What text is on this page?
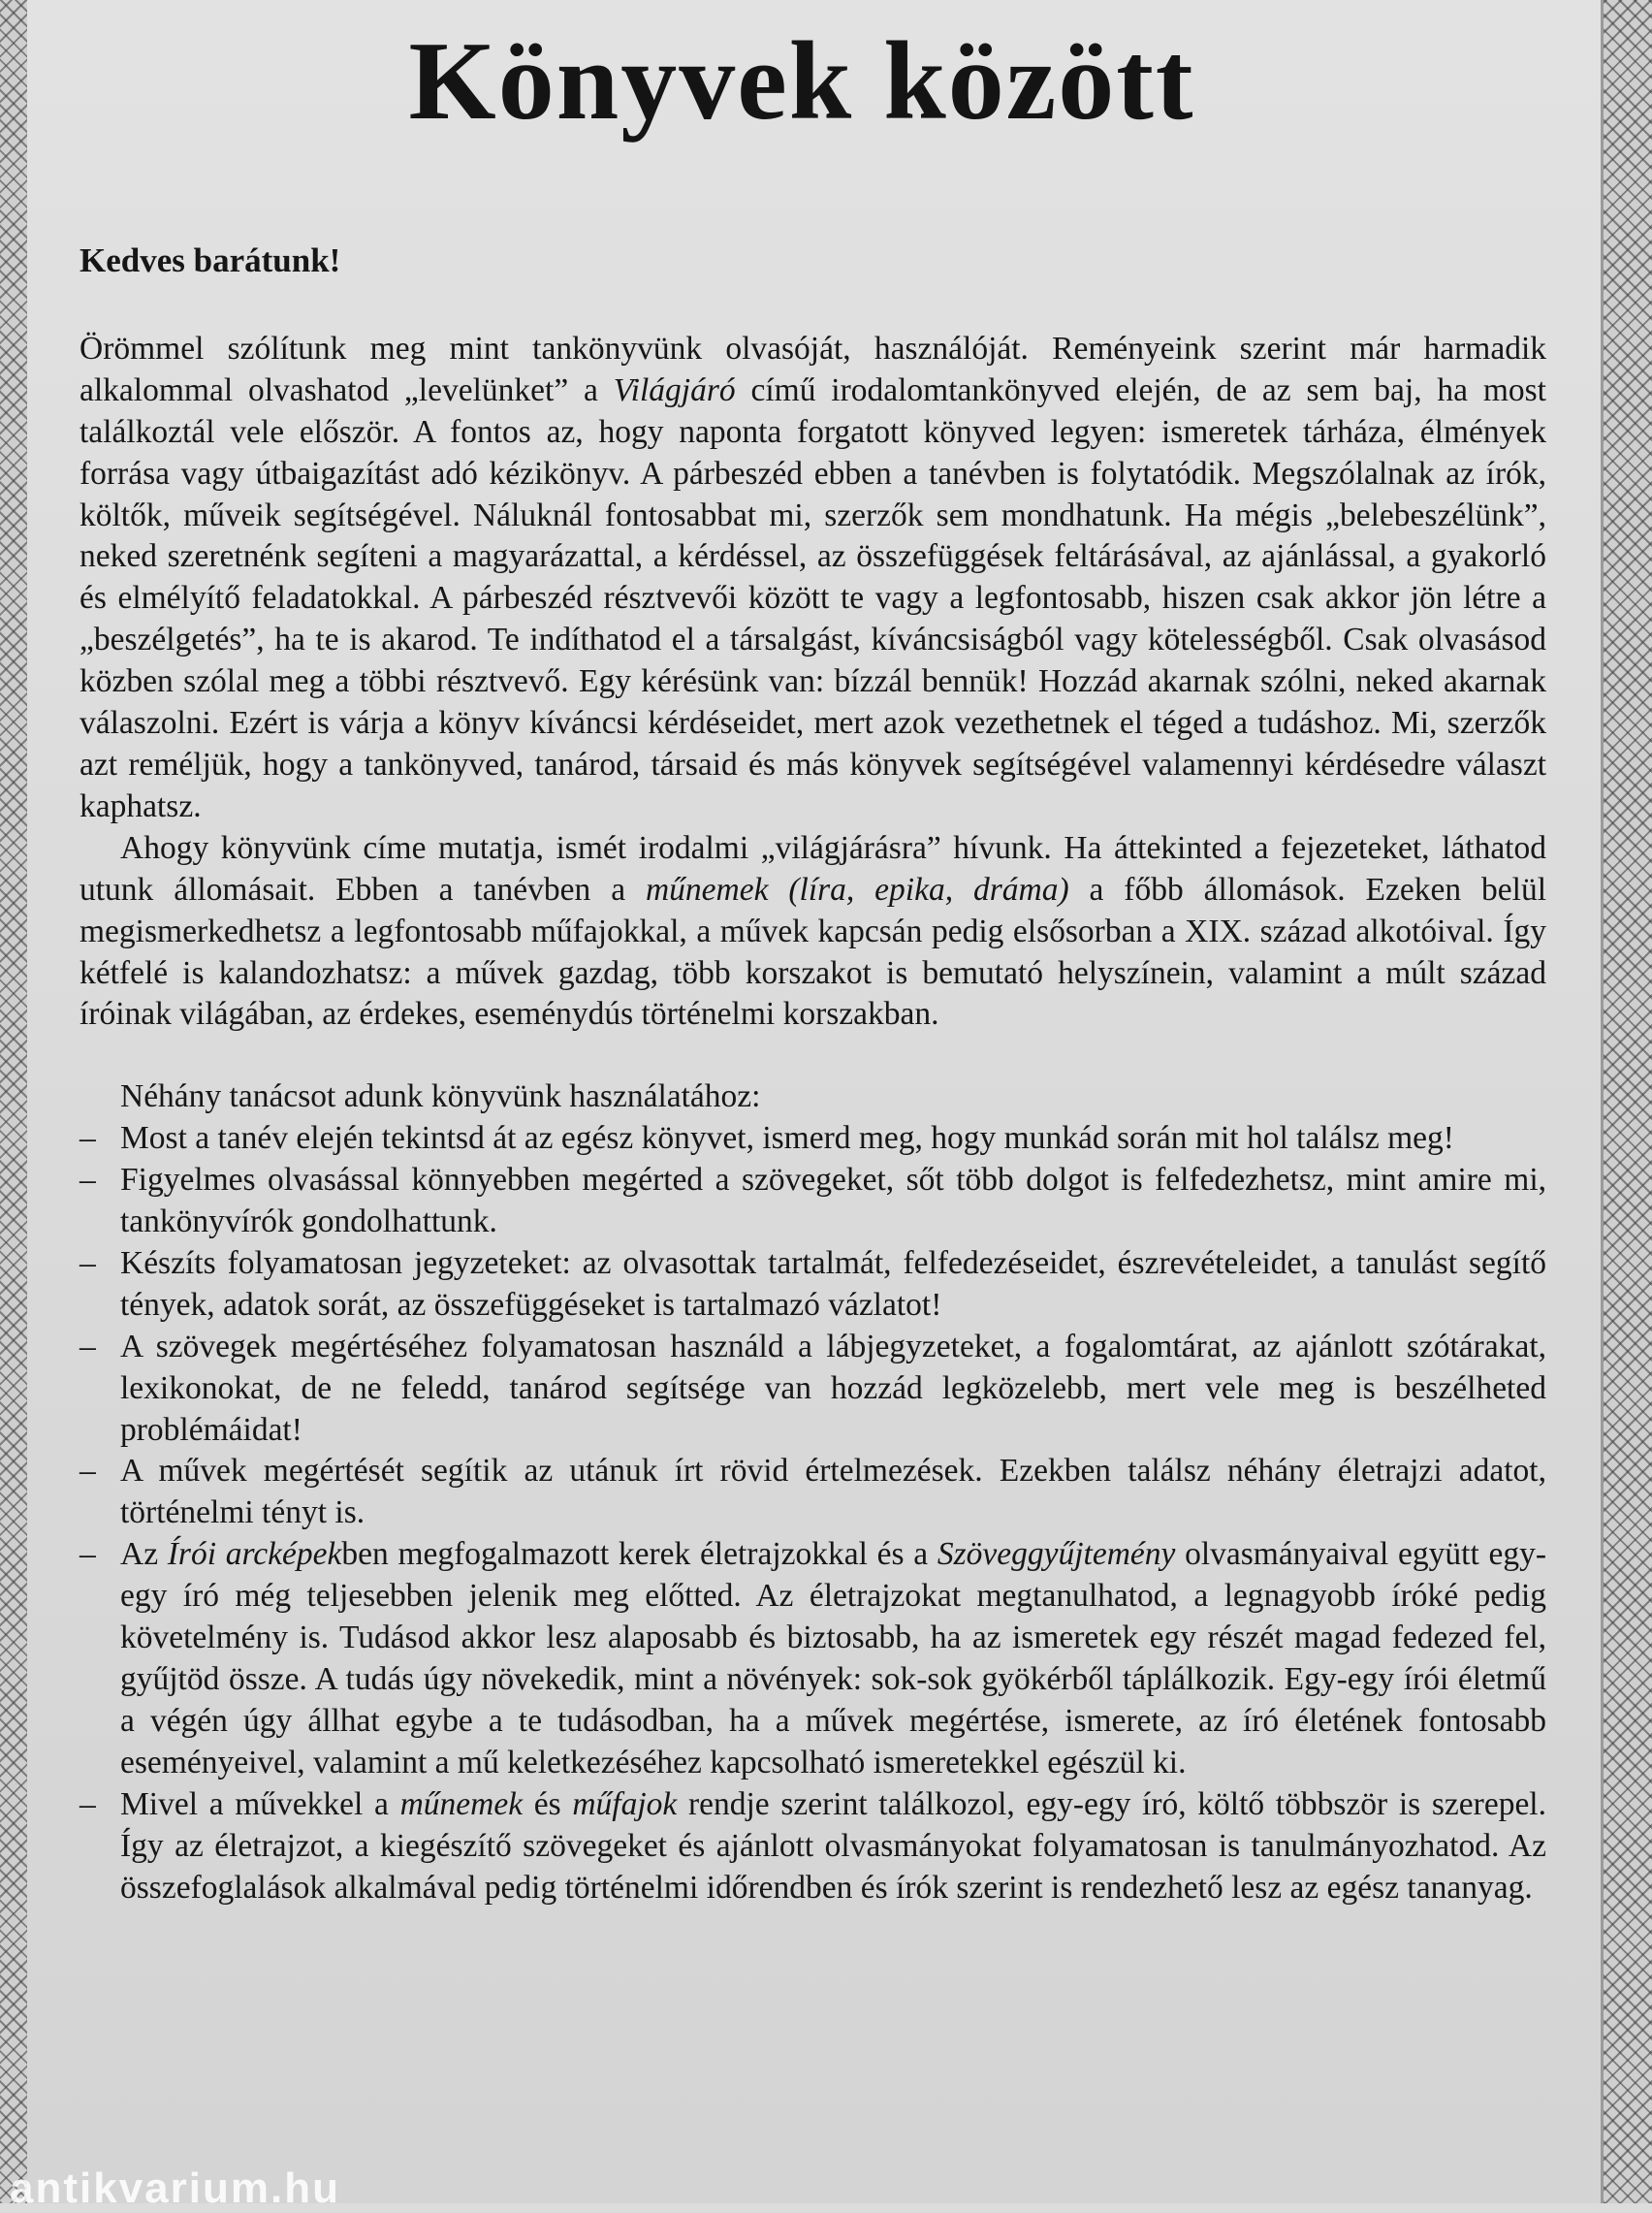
Könyvek között

Kedves barátunk!

Örömmel szólítunk meg mint tankönyvünk olvasóját, használóját. Reményeink szerint már harmadik alkalommal olvashatod „levelünket” a Világjáró című irodalomtankönyved elején, de az sem baj, ha most találkoztál vele először. A fontos az, hogy naponta forgatott könyved legyen: ismeretek tárháza, élmények forrása vagy útbaigazítást adó kézikönyv. A párbeszéd ebben a tanévben is folytatódik. Megszólalnak az írók, költők, műveik segítségével. Náluknál fontosabbat mi, szerzők sem mondhatunk. Ha mégis „belebeszélünk”, neked szeretnénk segíteni a magyarázattal, a kérdéssel, az összefüggések feltárásával, az ajánlással, a gyakorló és elmélyítő feladatokkal. A párbeszéd résztvevői között te vagy a legfontosabb, hiszen csak akkor jön létre a „beszélgetés”, ha te is akarod. Te indíthatod el a társalgást, kíváncsiságból vagy kötelességből. Csak olvasásod közben szólal meg a többi résztvevő. Egy kérésünk van: bízzál bennük! Hozzád akarnak szólni, neked akarnak válaszolni. Ezért is várja a könyv kíváncsi kérdéseidet, mert azok vezethetnek el téged a tudáshoz. Mi, szerzők azt reméljük, hogy a tankönyved, tanárod, társaid és más könyvek segítségével valamennyi kérdésedre választ kaphatsz.

Ahogy könyvünk címe mutatja, ismét irodalmi „világjárásra” hívunk. Ha áttekinted a fejezeteket, láthatod utunk állomásait. Ebben a tanévben a műnemek (líra, epika, dráma) a főbb állomások. Ezeken belül megismerkedhetsz a legfontosabb műfajokkal, a művek kapcsán pedig elsősorban a XIX. század alkotóival. Így kétfelé is kalandozhatsz: a művek gazdag, több korszakot is bemutató helyszínein, valamint a múlt század íróinak világában, az érdekes, eseménydús történelmi korszakban.

Néhány tanácsot adunk könyvünk használatához:

– Most a tanév elején tekintsd át az egész könyvet, ismerd meg, hogy munkád során mit hol találsz meg!
– Figyelmes olvasással könnyebben megérted a szövegeket, sőt több dolgot is felfedezhetsz, mint amire mi, tankönyvírók gondolhattunk.
– Készíts folyamatosan jegyzeteket: az olvasottak tartalmát, felfedezéseidet, észrevételeidet, a tanulást segítő tények, adatok sorát, az összefüggéseket is tartalmazó vázlatot!
– A szövegek megértéséhez folyamatosan használd a lábjegyzeteket, a fogalomtárat, az ajánlott szótárakat, lexikonokat, de ne feledd, tanárod segítsége van hozzád legközelebb, mert vele meg is beszélheted problémáidat!
– A művek megértését segítik az utánuk írt rövid értelmezések. Ezekben találsz néhány életrajzi adatot, történelmi tényt is.
– Az Írói arcképekben megfogalmazott kerek életrajzokkal és a Szöveggyűjtemény olvasmányaival együtt egy-egy író még teljesebben jelenik meg előtted. Az életrajzokat megtanulhatod, a legnagyobb íróké pedig követelmény is. Tudásod akkor lesz alaposabb és biztosabb, ha az ismeretek egy részét magad fedezed fel, gyűjtöd össze. A tudás úgy növekedik, mint a növények: sok-sok gyökérből táplálkozik. Egy-egy írói életmű a végén úgy állhat egybe a te tudásodban, ha a művek megértése, ismerete, az író életének fontosabb eseményeivel, valamint a mű keletkezéséhez kapcsolható ismeretekkel egészül ki.
– Mivel a művekkel a műnemek és műfajok rendje szerint találkozol, egy-egy író, költő többször is szerepel. Így az életrajzot, a kiegészítő szövegeket és ajánlott olvasmányokat folyamatosan is tanulmányozhatod. Az összefoglalások alkalmával pedig történelmi időrendben és írók szerint is rendezhető lesz az egész tananyag.
antikvarium.hu
